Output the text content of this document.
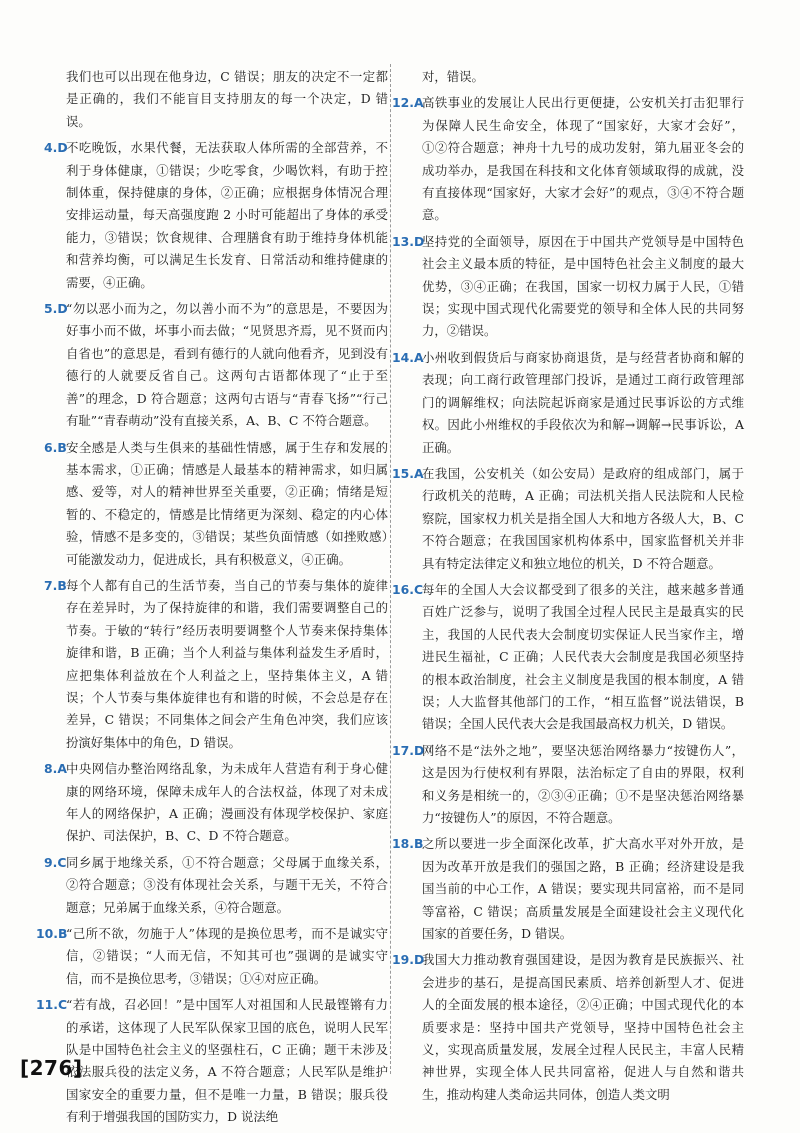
我们也可以出现在他身边，C 错误；朋友的决定不一定都是正确的，我们不能盲目支持朋友的每一个决定，D 错误。

4.D

不吃晚饭，水果代餐，无法获取人体所需的全部营养，不利于身体健康，①错误；少吃零食，少喝饮料，有助于控制体重，保持健康的身体，②正确；应根据身体情况合理安排运动量，每天高强度跑 2 小时可能超出了身体的承受能力，③错误；饮食规律、合理膳食有助于维持身体机能和营养均衡，可以满足生长发育、日常活动和维持健康的需要，④正确。

5.D

“勿以恶小而为之，勿以善小而不为”的意思是，不要因为好事小而不做，坏事小而去做；“见贤思齐焉，见不贤而内自省也”的意思是，看到有德行的人就向他看齐，见到没有德行的人就要反省自己。这两句古语都体现了“止于至善”的理念，D 符合题意；这两句古语与“青春飞扬”“行己有耻”“青春萌动”没有直接关系，A、B、C 不符合题意。

6.B 安全感是人类与生俱来的基础性情感，属于生存和发展的基本需求，①正确；情感是人最基本的精神需求，如归属感、爱等，对人的精神世界至关重要，②正确；情绪是短暂的、不稳定的，情感是比情绪更为深刻、稳定的内心体验，情感不是多变的，③错误；某些负面情感（如挫败感）可能激发动力，促进成长，具有积极意义，④正确。

7.B 每个人都有自己的生活节奏，当自己的节奏与集体的旋律存在差异时，为了保持旋律的和谐，我们需要调整自己的节奏。于敏的“转行”经历表明要调整个人节奏来保持集体旋律和谐，B 正确；当个人利益与集体利益发生矛盾时，应把集体利益放在个人利益之上，坚持集体主义，A 错误；个人节奏与集体旋律也有和谐的时候，不会总是存在差异，C 错误；不同集体之间会产生角色冲突，我们应该扮演好集体中的角色，D 错误。

8.A 中央网信办整治网络乱象，为未成年人营造有利于身心健康的网络环境，保障未成年人的合法权益，体现了对未成年人的网络保护，A 正确；漫画没有体现学校保护、家庭保护、司法保护，B、C、D 不符合题意。

9.C 同乡属于地缘关系，①不符合题意；父母属于血缘关系，②符合题意；③没有体现社会关系，与题干无关，不符合题意；兄弟属于血缘关系，④符合题意。

10.B

“己所不欲，勿施于人”体现的是换位思考，而不是诚实守信，②错误；“人而无信，不知其可也”强调的是诚实守信，而不是换位思考，③错误；①④对应正确。

11.C

“若有战，召必回！”是中国军人对祖国和人民最铿锵有力的承诺，这体现了人民军队保家卫国的底色，说明人民军队是中国特色社会主义的坚强柱石，C 正确；题干未涉及依法服兵役的法定义务，A 不符合题意；人民军队是维护国家安全的重要力量，但不是唯一力量，B 错误；服兵役有利于增强我国的国防实力，D 说法绝

对，错误。

12.A

高铁事业的发展让人民出行更便捷，公安机关打击犯罪行为保障人民生命安全，体现了“国家好，大家才会好”，①②符合题意；神舟十九号的成功发射，第九届亚冬会的成功举办，是我国在科技和文化体育领域取得的成就，没有直接体现“国家好，大家才会好”的观点，③④不符合题意。

13.D

坚持党的全面领导，原因在于中国共产党领导是中国特色社会主义最本质的特征，是中国特色社会主义制度的最大优势，③④正确；在我国，国家一切权力属于人民，①错误；实现中国式现代化需要党的领导和全体人民的共同努力，②错误。

14.A

小州收到假货后与商家协商退货，是与经营者协商和解的表现；向工商行政管理部门投诉，是通过工商行政管理部门的调解维权；向法院起诉商家是通过民事诉讼的方式维权。因此小州维权的手段依次为和解→调解→民事诉讼，A 正确。

15.A

在我国，公安机关（如公安局）是政府的组成部门，属于行政机关的范畴，A 正确；司法机关指人民法院和人民检察院，国家权力机关是指全国人大和地方各级人大，B、C 不符合题意；在我国国家机构体系中，国家监督机关并非具有特定法律定义和独立地位的机关，D 不符合题意。

16.C

每年的全国人大会议都受到了很多的关注，越来越多普通百姓广泛参与，说明了我国全过程人民民主是最真实的民主，我国的人民代表大会制度切实保证人民当家作主，增进民生福祉，C 正确；人民代表大会制度是我国必须坚持的根本政治制度，社会主义制度是我国的根本制度，A 错误；人大监督其他部门的工作，“相互监督”说法错误，B 错误；全国人民代表大会是我国最高权力机关，D 错误。

17.D

网络不是“法外之地”，要坚决惩治网络暴力“按键伤人”，这是因为行使权利有界限，法治标定了自由的界限，权利和义务是相统一的，②③④正确；①不是坚决惩治网络暴力“按键伤人”的原因，不符合题意。

18.B

之所以要进一步全面深化改革，扩大高水平对外开放，是因为改革开放是我们的强国之路，B 正确；经济建设是我国当前的中心工作，A 错误；要实现共同富裕，而不是同等富裕，C 错误；高质量发展是全面建设社会主义现代化国家的首要任务，D 错误。

19.D

我国大力推动教育强国建设，是因为教育是民族振兴、社会进步的基石，是提高国民素质、培养创新型人才、促进人的全面发展的根本途径，②④正确；中国式现代化的本质要求是：坚持中国共产党领导，坚持中国特色社会主义，实现高质量发展，发展全过程人民民主，丰富人民精神世界，实现全体人民共同富裕，促进人与自然和谐共生，推动构建人类命运共同体，创造人类文明

[276]
